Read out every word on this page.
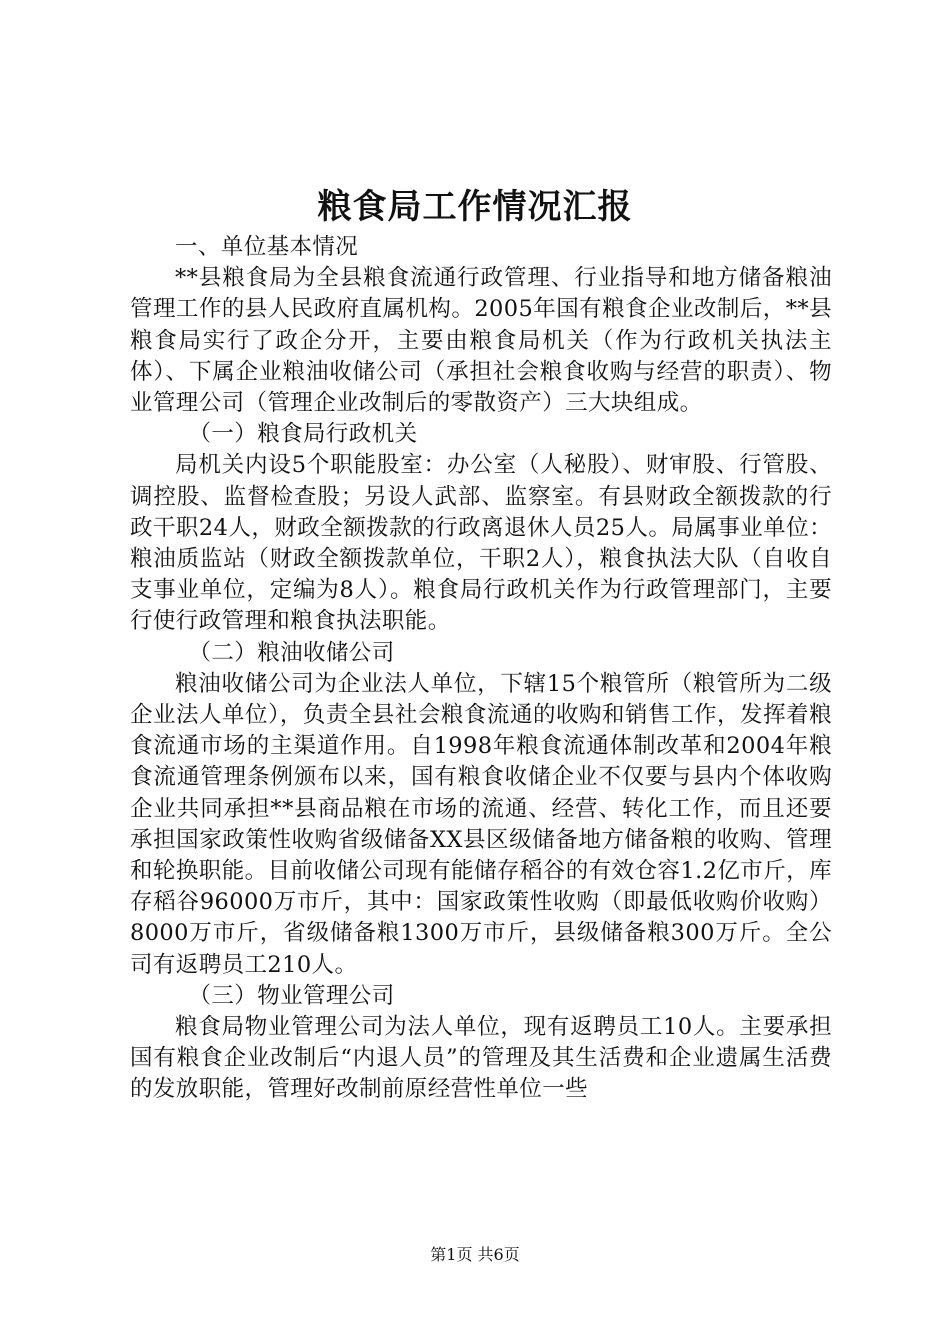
粮食局工作情况汇报

一、单位基本情况

**县粮食局为全县粮食流通行政管理、行业指导和地方储备粮油管理工作的县人民政府直属机构。2005年国有粮食企业改制后，**县粮食局实行了政企分开，主要由粮食局机关（作为行政机关执法主体）、下属企业粮油收储公司（承担社会粮食收购与经营的职责）、物业管理公司（管理企业改制后的零散资产）三大块组成。

（一）粮食局行政机关

局机关内设5个职能股室：办公室（人秘股）、财审股、行管股、调控股、监督检查股；另设人武部、监察室。有县财政全额拨款的行政干职24人，财政全额拨款的行政离退休人员25人。局属事业单位：粮油质监站（财政全额拨款单位，干职2人），粮食执法大队（自收自支事业单位，定编为8人）。粮食局行政机关作为行政管理部门，主要行使行政管理和粮食执法职能。

（二）粮油收储公司

粮油收储公司为企业法人单位，下辖15个粮管所（粮管所为二级企业法人单位），负责全县社会粮食流通的收购和销售工作，发挥着粮食流通市场的主渠道作用。自1998年粮食流通体制改革和2004年粮食流通管理条例颁布以来，国有粮食收储企业不仅要与县内个体收购企业共同承担**县商品粮在市场的流通、经营、转化工作，而且还要承担国家政策性收购省级储备XX县区级储备地方储备粮的收购、管理和轮换职能。目前收储公司现有能储存稻谷的有效仓容1.2亿市斤，库存稻谷96000万市斤，其中：国家政策性收购（即最低收购价收购）8000万市斤，省级储备粮1300万市斤，县级储备粮300万斤。全公司有返聘员工210人。

（三）物业管理公司

粮食局物业管理公司为法人单位，现有返聘员工10人。主要承担国有粮食企业改制后“内退人员”的管理及其生活费和企业遗属生活费的发放职能，管理好改制前原经营性单位一些

第1页 共6页
